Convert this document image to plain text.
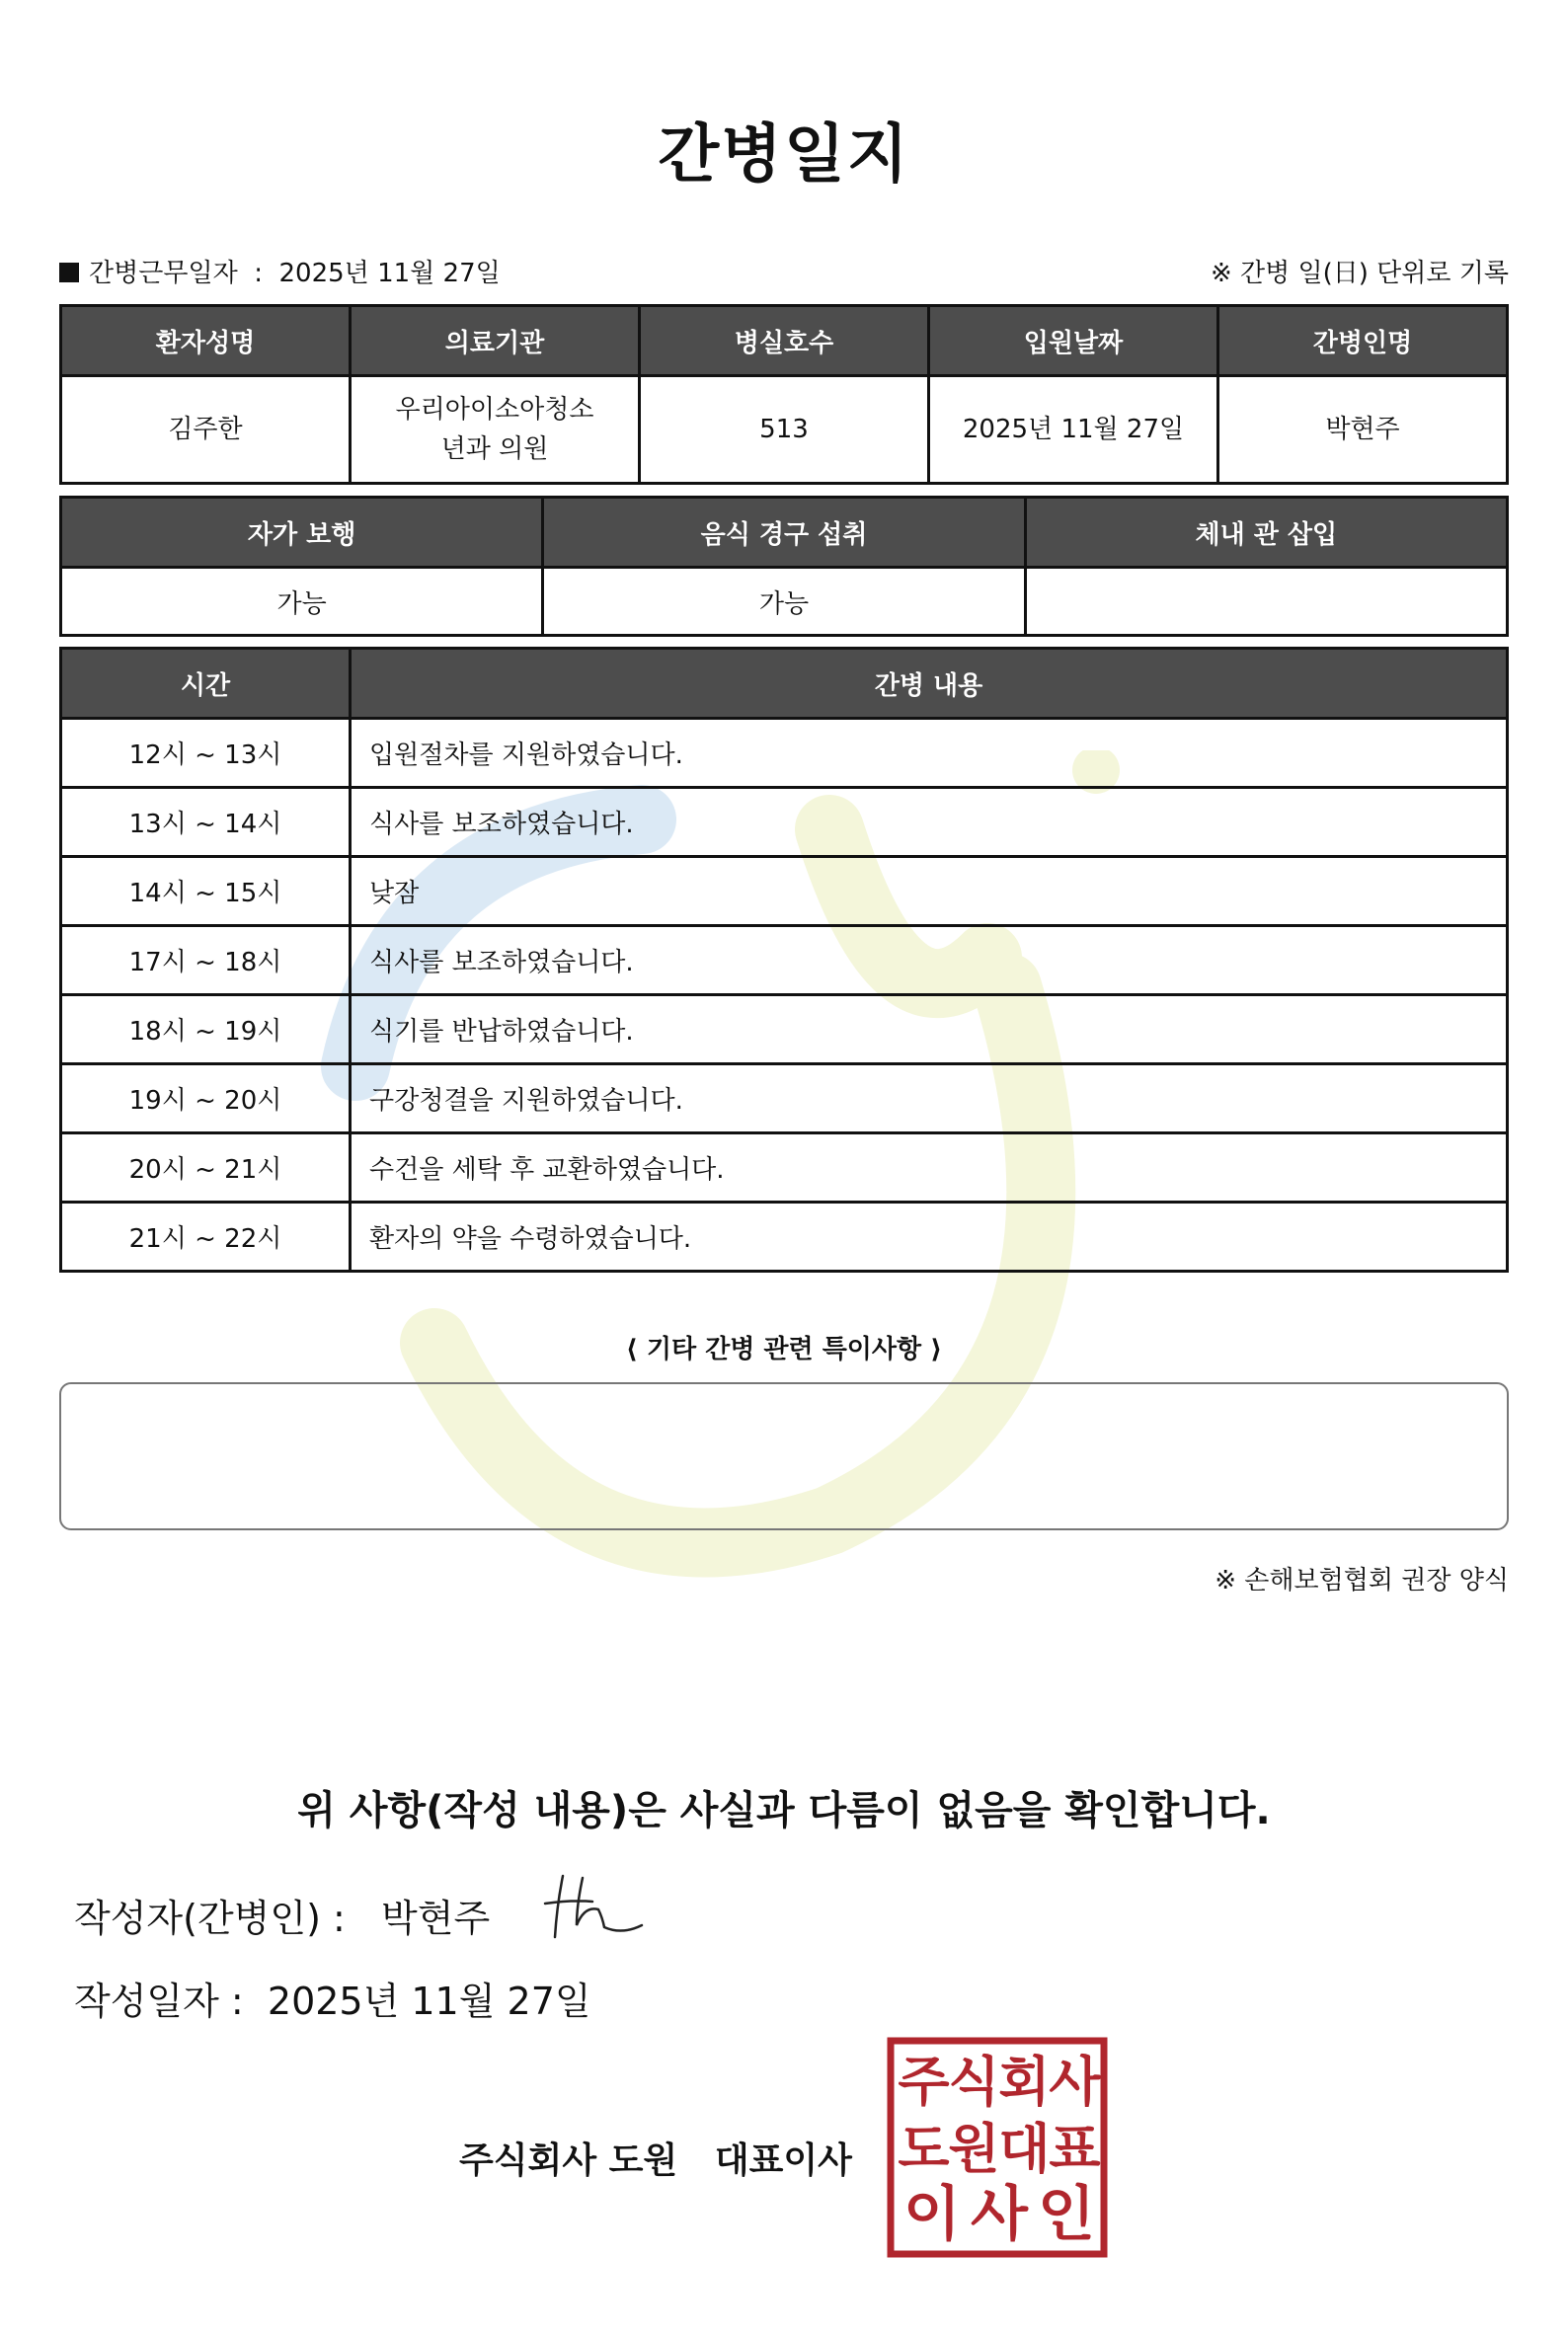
간병일지
간병근무일자  :  2025년 11월 27일	※ 간병 일(日) 단위로 기록
환자성명	의료기관	병실호수	입원날짜	간병인명
김주한	우리아이소아청소년과 의원	513	2025년 11월 27일	박현주
자가 보행	음식 경구 섭취	체내 관 삽입
가능	가능	
시간	간병 내용
12시 ~ 13시	입원절차를 지원하였습니다.
13시 ~ 14시	식사를 보조하였습니다.
14시 ~ 15시	낮잠
17시 ~ 18시	식사를 보조하였습니다.
18시 ~ 19시	식기를 반납하였습니다.
19시 ~ 20시	구강청결을 지원하였습니다.
20시 ~ 21시	수건을 세탁 후 교환하였습니다.
21시 ~ 22시	환자의 약을 수령하였습니다.
⟨ 기타 간병 관련 특이사항 ⟩
※ 손해보험협회 권장 양식
위 사항(작성 내용)은 사실과 다름이 없음을 확인합니다.
작성자(간병인) : 박현주
작성일자 : 2025년 11월 27일
주식회사 도원 대표이사
주
식
회
사
도
원
대
표
이 사 인
